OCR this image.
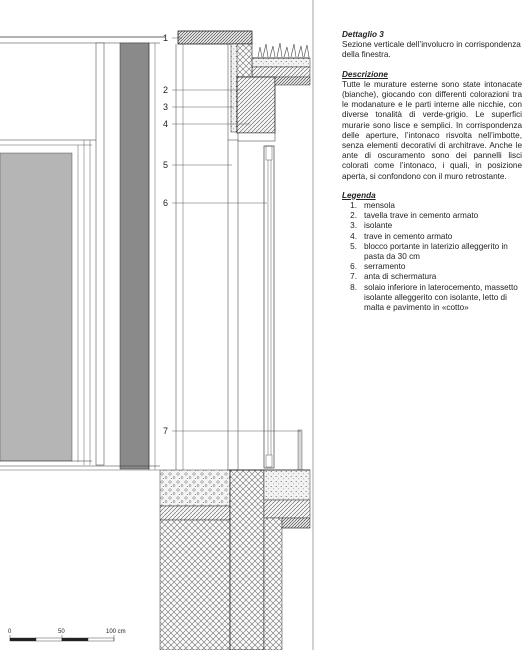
1
2
3
4
5
6
7
0	50	100 cm

Dettaglio 3

Sezione verticale dell’involucro in corrispondenza della finestra.

Descrizione

Tutte le murature esterne sono state intonacate (bianche), giocando con differenti colorazioni tra le modanature e le parti interne alle nicchie, con diverse tonalità di verde-grigio. Le superfici murarie sono lisce e semplici. In corrispondenza delle aperture, l’intonaco risvolta nell’imbotte, senza elementi decorativi di architrave. Anche le ante di oscuramento sono dei pannelli lisci colorati come l’intonaco, i quali, in posizione aperta, si confondono con il muro retrostante.

Legenda

1. mensola
2. tavella trave in cemento armato
3. isolante
4. trave in cemento armato
5. blocco portante in laterizio alleggerito in pasta da 30 cm
6. serramento
7. anta di schermatura
8. solaio inferiore in laterocemento, massetto isolante alleggerito con isolante, letto di malta e pavimento in «cotto»
